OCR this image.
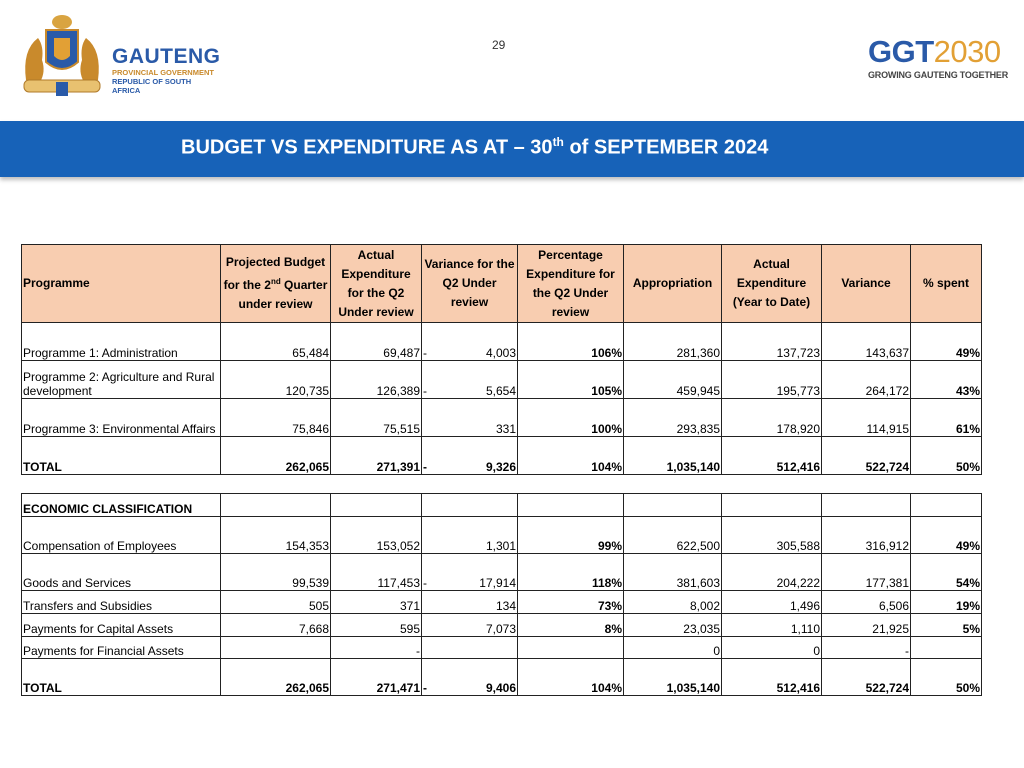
GAUTENG
PROVINCIAL GOVERNMENT
REPUBLIC OF SOUTH AFRICA
29	GGT2030
GROWING GAUTENG TOGETHER
BUDGET VS EXPENDITURE AS AT – 30th of SEPTEMBER 2024
Programme	Projected Budget for the 2nd Quarter under review	Actual Expenditure for the Q2 Under review	Variance for the Q2 Under review	Percentage Expenditure for the Q2 Under review	Appropriation	Actual Expenditure (Year to Date)	Variance	% spent
Programme 1: Administration	65,484	69,487	- 4,003	106%	281,360	137,723	143,637	49%
Programme 2: Agriculture and Rural development	120,735	126,389	- 5,654	105%	459,945	195,773	264,172	43%
Programme 3: Environmental Affairs	75,846	75,515	331	100%	293,835	178,920	114,915	61%
TOTAL	262,065	271,391	- 9,326	104%	1,035,140	512,416	522,724	50%
ECONOMIC CLASSIFICATION								
Compensation of Employees	154,353	153,052	1,301	99%	622,500	305,588	316,912	49%
Goods and Services	99,539	117,453	- 17,914	118%	381,603	204,222	177,381	54%
Transfers and Subsidies	505	371	134	73%	8,002	1,496	6,506	19%
Payments for Capital Assets	7,668	595	7,073	8%	23,035	1,110	21,925	5%
Payments for Financial Assets		-			0	0	-	
TOTAL	262,065	271,471	- 9,406	104%	1,035,140	512,416	522,724	50%
